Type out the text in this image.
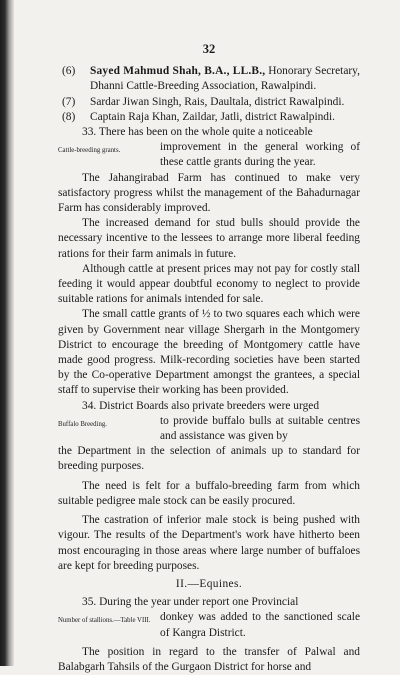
32

(6) Sayed Mahmud Shah, B.A., LL.B., Honorary Secretary, Dhanni Cattle-Breeding Association, Rawalpindi.

(7) Sardar Jiwan Singh, Rais, Daultala, district Rawalpindi.

(8) Captain Raja Khan, Zaildar, Jatli, district Rawalpindi.

33. There has been on the whole quite a noticeable

Cattle-breeding grants.	improvement in the general working of these cattle grants during the year.

The Jahangirabad Farm has continued to make very satisfactory progress whilst the management of the Bahadurnagar Farm has considerably improved.

The increased demand for stud bulls should provide the necessary incentive to the lessees to arrange more liberal feeding rations for their farm animals in future.

Although cattle at present prices may not pay for costly stall feeding it would appear doubtful economy to neglect to provide suitable rations for animals intended for sale.

The small cattle grants of ½ to two squares each which were given by Government near village Shergarh in the Montgomery District to encourage the breeding of Montgomery cattle have made good progress. Milk-recording societies have been started by the Co-operative Department amongst the grantees, a special staff to supervise their working has been provided.

34. District Boards also private breeders were urged

Buffalo Breeding.	to provide buffalo bulls at suitable centres and assistance was given by

the Department in the selection of animals up to standard for breeding purposes.

The need is felt for a buffalo-breeding farm from which suitable pedigree male stock can be easily procured.

The castration of inferior male stock is being pushed with vigour. The results of the Department's work have hitherto been most encouraging in those areas where large number of buffaloes are kept for breeding purposes.

II.—Equines.

35. During the year under report one Provincial

Number of stallions.—Table VIII. donkey was added to the sanctioned scale of Kangra District.

The position in regard to the transfer of Palwal and Balabgarh Tahsils of the Gurgaon District for horse and
